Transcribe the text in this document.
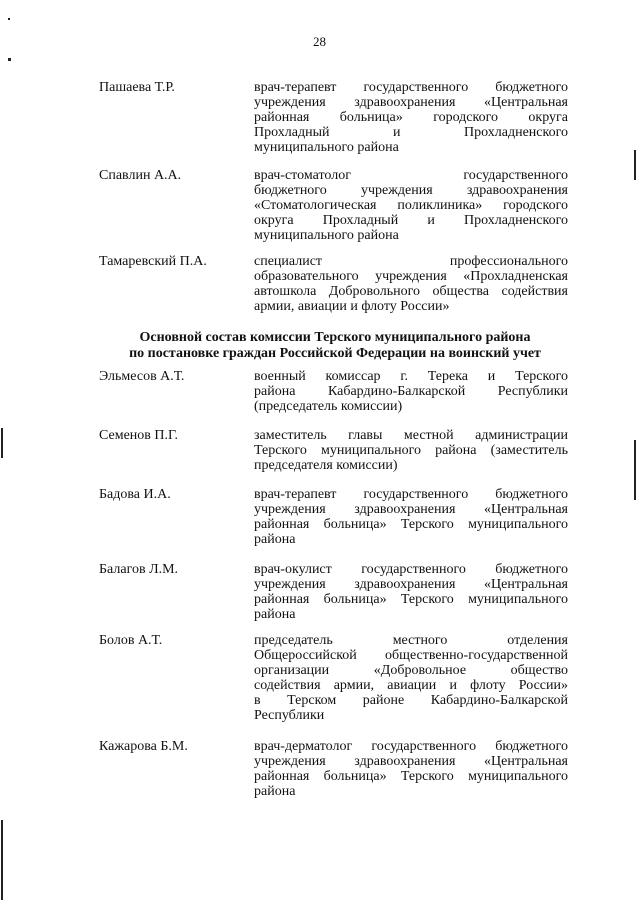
28
Пашаева Т.Р.	врач-терапевт государственного бюджетного
учреждения здравоохранения «Центральная
районная больница» городского округа
Прохладный и Прохладненского
муниципального района
Спавлин А.А.	врач-стоматолог государственного
бюджетного учреждения здравоохранения
«Стоматологическая поликлиника» городского
округа Прохладный и Прохладненского
муниципального района
Тамаревский П.А.	специалист профессионального
образовательного учреждения «Прохладненская
автошкола Добровольного общества содействия
армии, авиации и флоту России»
Основной состав комиссии Терского муниципального района
по постановке граждан Российской Федерации на воинский учет
Эльмесов А.Т.	военный комиссар г. Терека и Терского
района Кабардино-Балкарской Республики
(председатель комиссии)
Семенов П.Г.	заместитель главы местной администрации
Терского муниципального района (заместитель
председателя комиссии)
Бадова И.А.	врач-терапевт государственного бюджетного
учреждения здравоохранения «Центральная
районная больница» Терского муниципального
района
Балагов Л.М.	врач-окулист государственного бюджетного
учреждения здравоохранения «Центральная
районная больница» Терского муниципального
района
Болов А.Т.	председатель местного отделения
Общероссийской общественно-государственной
организации «Добровольное общество
содействия армии, авиации и флоту России»
в Терском районе Кабардино-Балкарской
Республики
Кажарова Б.М.	врач-дерматолог государственного бюджетного
учреждения здравоохранения «Центральная
районная больница» Терского муниципального
района
